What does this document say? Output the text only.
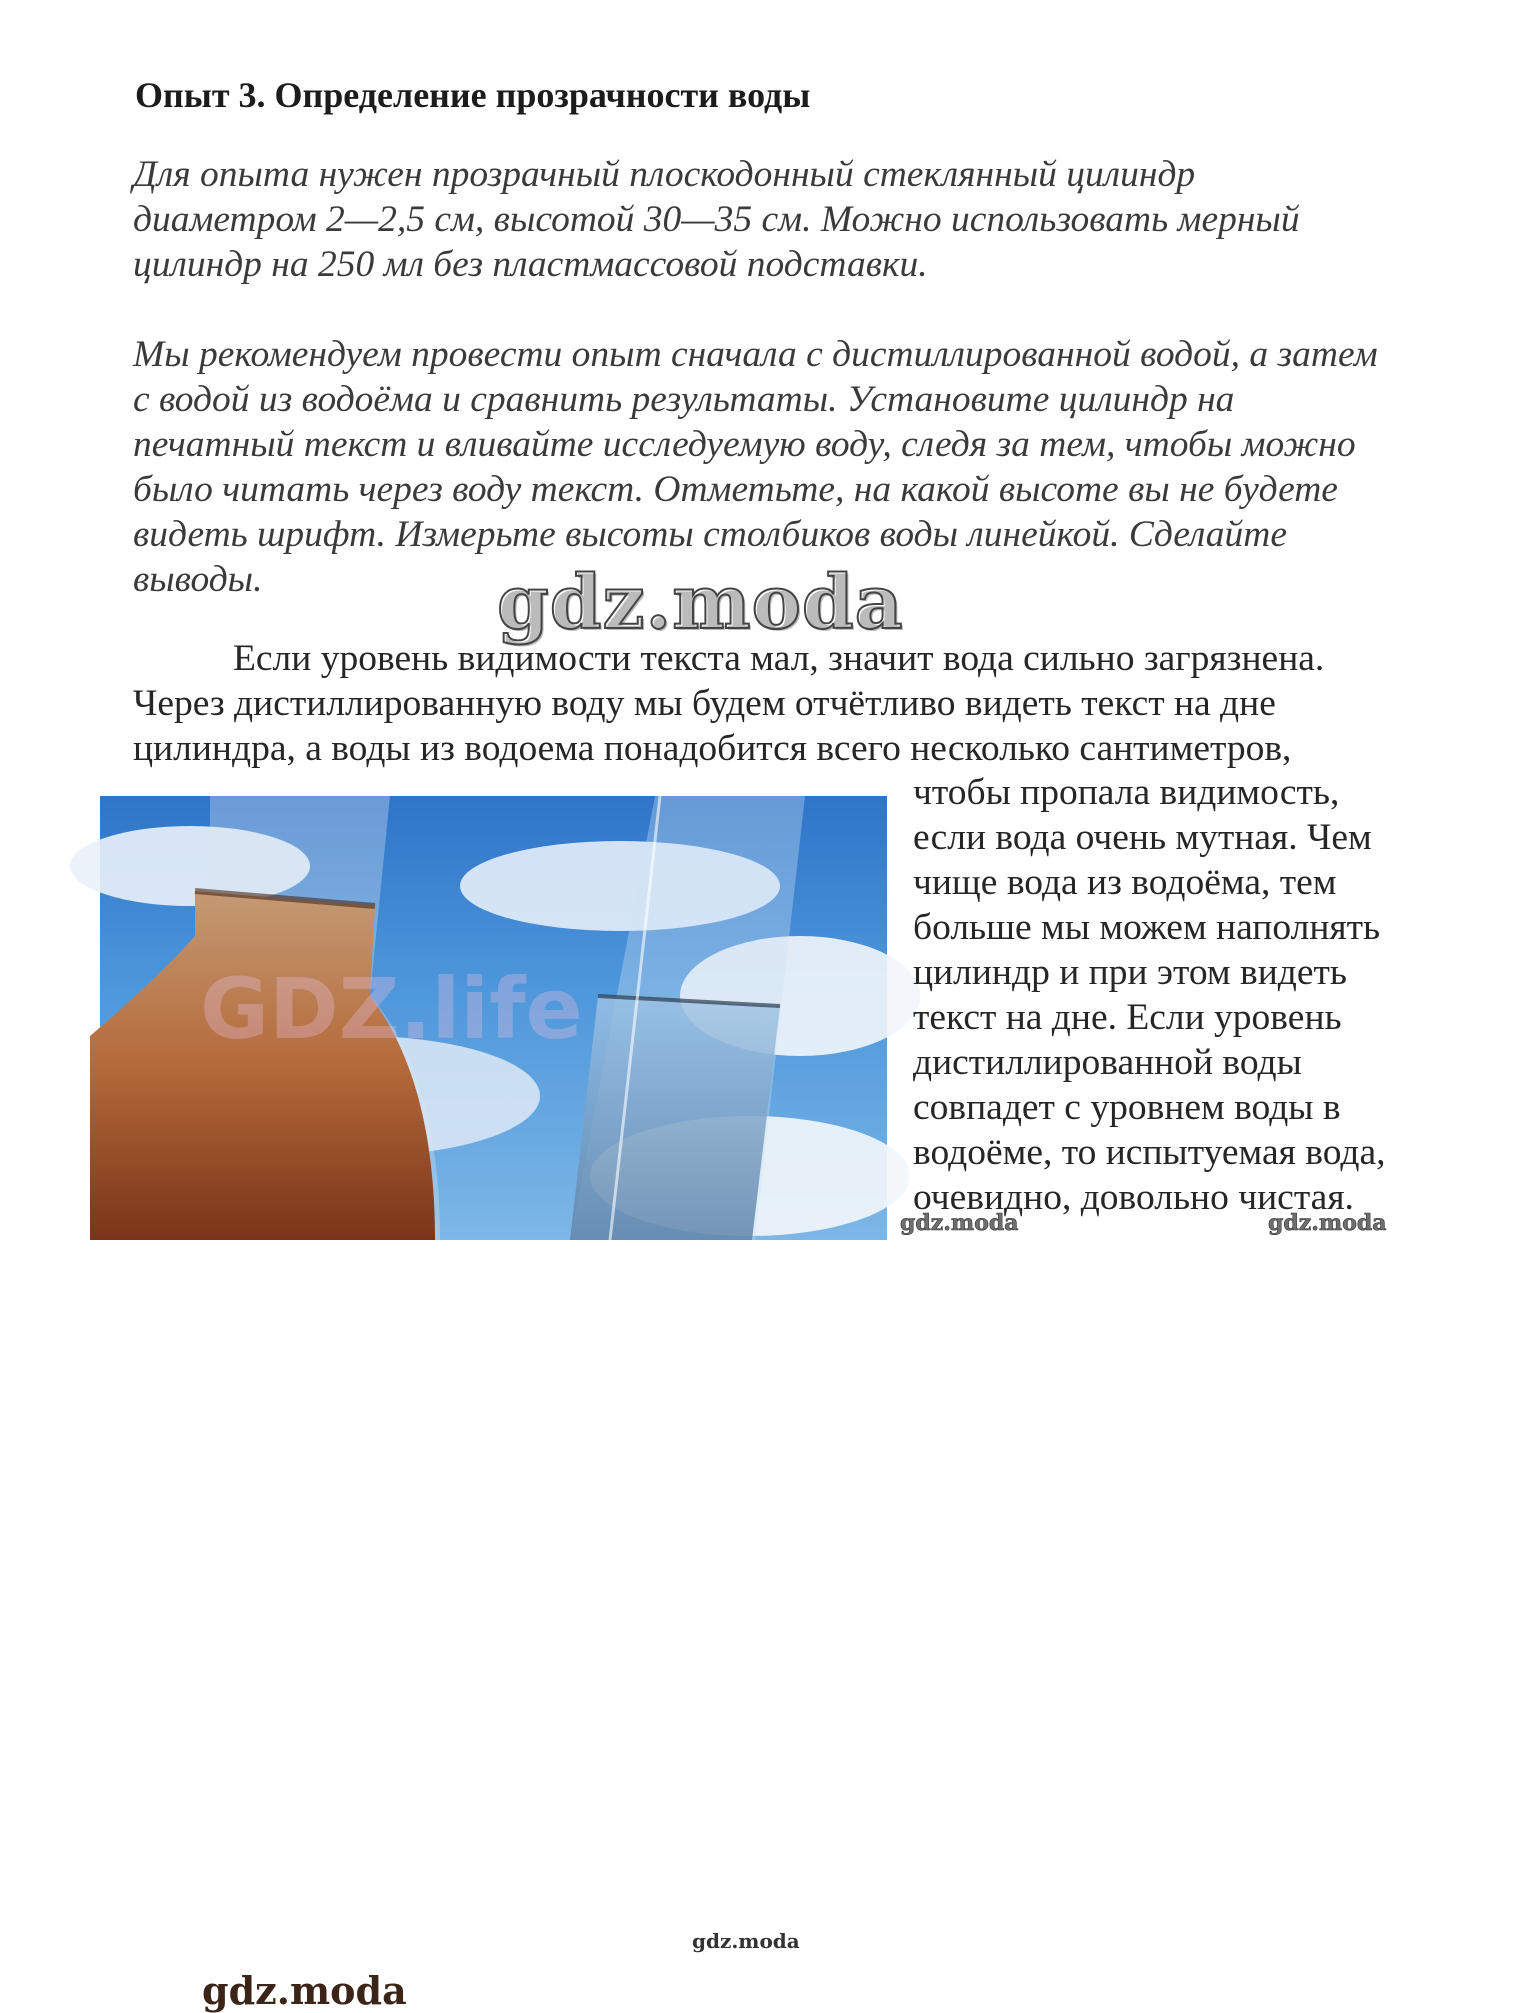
Опыт 3. Определение прозрачности воды

Для опыта нужен прозрачный плоскодонный стеклянный цилиндр

диаметром 2—2,5 см, высотой 30—35 см. Можно использовать мерный

цилиндр на 250 мл без пластмассовой подставки.

Мы рекомендуем провести опыт сначала с дистиллированной водой, а затем

с водой из водоёма и сравнить результаты. Установите цилиндр на

печатный текст и вливайте исследуемую воду, следя за тем, чтобы можно

было читать через воду текст. Отметьте, на какой высоте вы не будете

видеть шрифт. Измерьте высоты столбиков воды линейкой. Сделайте

выводы.

Если уровень видимости текста мал, значит вода сильно загрязнена.

Через дистиллированную воду мы будем отчётливо видеть текст на дне

цилиндра, а воды из водоема понадобится всего несколько сантиметров,

gdz.moda
gdz.moda

чтобы пропала видимость,

если вода очень мутная. Чем

чище вода из водоёма, тем

больше мы можем наполнять

цилиндр и при этом видеть

текст на дне. Если уровень

дистиллированной воды

совпадет с уровнем воды в

водоёме, то испытуемая вода,

очевидно, довольно чистая.

GDZ.life
gdz.moda
gdz.moda	gdz.moda
